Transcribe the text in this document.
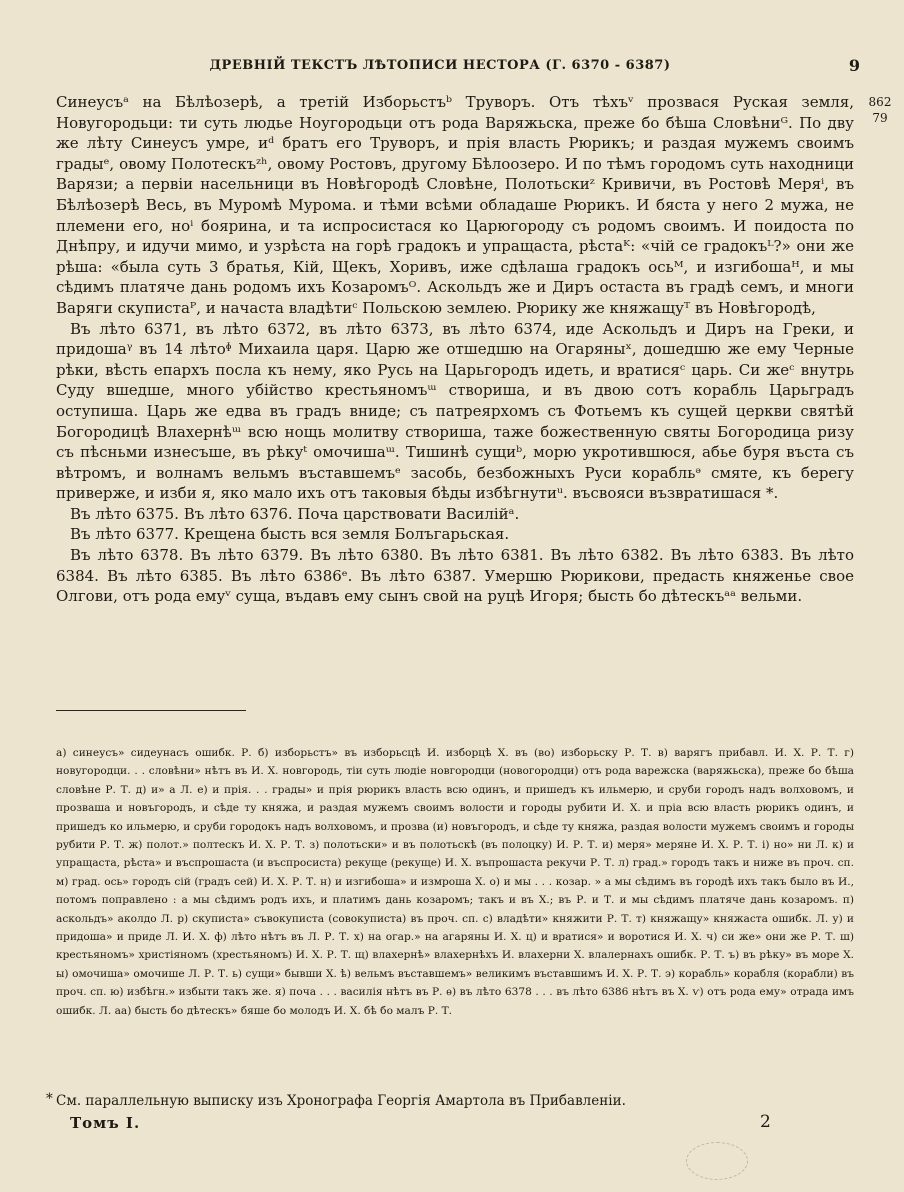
ДРЕВНІЙ ТЕКСТЪ ЛѢТОПИСИ НЕСТОРА (Г. 6370 - 6387)	9
862
79

Синеусъᵃ на Бѣлѣозерѣ, а третій Изборьстъᵇ Труворъ. Отъ тѣхъᵛ прозвася Руская земля, Новугородьци: ти суть людье Ноугородьци отъ рода Варяжьска, преже бо бѣша Словѣниᴳ. По дву же лѣту Синеусъ умре, иᵈ братъ его Труворъ, и прія власть Рюрикъ; и раздая мужемъ своимъ градыᵉ, овому Полотескъᶻʰ, овому Ростовъ, другому Бѣлоозеро. И по тѣмъ городомъ суть находници Варязи; а первіи насельници въ Новѣгородѣ Словѣне, Полотьскиᶻ Кривичи, въ Ростовѣ Меряⁱ, въ Бѣлѣозерѣ Весь, въ Муромѣ Мурома. и тѣми всѣми обладаше Рюрикъ. И бяста у него 2 мужа, не племени его, ноⁱ боярина, и та испросистася ко Царюгороду съ родомъ своимъ. И поидоста по Днѣпру, и идучи мимо, и узрѣста на горѣ градокъ и упращаста, рѣстаᴷ: «чій се градокъᴸ?» они же рѣша: «была суть 3 братья, Кій, Щекъ, Хоривъ, иже сдѣлаша градокъ осьᴹ, и изгибошаᴴ, и мы сѣдимъ платяче дань родомъ ихъ Козаромъᴼ. Аскольдъ же и Диръ остаста въ градѣ семъ, и многи Варяги скупистаᴾ, и начаста владѣтиᶜ Польскою землею. Рюрику же княжащуᵀ въ Новѣгородѣ,

Въ лѣто 6371, въ лѣто 6372, въ лѣто 6373, въ лѣто 6374, иде Аскольдъ и Диръ на Греки, и придошаᵞ въ 14 лѣтоᶲ Михаила царя. Царю же отшедшю на Огаряныˣ, дошедшю же ему Черные рѣки, вѣсть епархъ посла къ нему, яко Русь на Царьгородъ идеть, и вратисяᶜ царь. Си жеᶜ внутрь Суду вшедше, много убійство крестьяномъᵚ створиша, и въ двою сотъ корабль Царьградъ оступиша. Царь же едва въ градъ вниде; съ патреярхомъ съ Фотьемъ къ сущей церкви святѣй Богородицѣ Влахернѣᵚ всю нощь молитву створиша, таже божественную святы Богородица ризу съ пѣсньми изнесъше, въ рѣкуᵗ омочишаᵚ. Тишинѣ сущиᵇ, морю укротившюся, абье буря въста съ вѣтромъ, и волнамъ вельмъ въставшемъᵉ засобь, безбожныхъ Руси корабльᵊ смяте, къ берегу приверже, и изби я, яко мало ихъ отъ таковыя бѣды избѣгнутиᵘ. въсвояси възвратишася *.

Въ лѣто 6375. Въ лѣто 6376. Поча царствовати Василійᵃ.

Въ лѣто 6377. Крещена бысть вся земля Болъгарьская.

Въ лѣто 6378. Въ лѣто 6379. Въ лѣто 6380. Въ лѣто 6381. Въ лѣто 6382. Въ лѣто 6383. Въ лѣто 6384. Въ лѣто 6385. Въ лѣто 6386ᵉ. Въ лѣто 6387. Умершю Рюрикови, предасть княженье свое Олгови, отъ рода емуᵛ суща, въдавъ ему сынъ свой на руцѣ Игоря; бысть бо дѣтескъᵃᵃ вельми.

а) синеусъ» сидеунасъ ошибк. Р. б) изборьстъ» въ изборьсцѣ И. изборцѣ Х. въ (во) изборьску Р. Т. в) варягъ прибавл. И. Х. Р. Т. г) новугородци. . . словѣни» нѣтъ въ И. Х. новгородь, тіи суть людіе новгородци (новогородци) отъ рода варежска (варяжьска), преже бо бѣша словѣне Р. Т. д) и» а Л. е) и прія. . . грады» и прія рюрикъ власть всю одинъ, и пришедъ къ ильмерю, и сруби городъ надъ волховомъ, и прозваша и новъгородъ, и сѣде ту княжа, и раздая мужемъ своимъ волости и городы рубити И. Х. и пріа всю власть рюрикъ одинъ, и пришедъ ко ильмерю, и сруби городокъ надъ волховомъ, и прозва (и) новъгородъ, и сѣде ту княжа, раздая волости мужемъ своимъ и городы рубити Р. Т. ж) полот.» полтескъ И. Х. Р. Т. з) полотьски» и въ полотьскѣ (въ полоцку) И. Р. Т. и) меря» меряне И. Х. Р. Т. і) но» ни Л. к) и упращаста, рѣста» и въспрошаста (и въспросиста) рекуще (рекуще) И. Х. въпрошаста рекучи Р. Т. л) град.» городъ такъ и ниже въ проч. сп. м) град. ось» городъ сій (градъ сей) И. Х. Р. Т. н) и изгибоша» и измроша Х. о) и мы . . . козар. » а мы сѣдимъ въ городѣ ихъ такъ было въ И., потомъ поправлено : а мы сѣдимъ родъ ихъ, и платимъ дань козаромъ; такъ и въ Х.; въ Р. и Т. и мы сѣдимъ платяче дань козаромъ. п) аскольдъ» аколдо Л. р) скуписта» съвокуписта (совокуписта) въ проч. сп. с) владѣти» княжити Р. Т. т) княжащу» княжаста ошибк. Л. у) и придоша» и приде Л. И. Х. ф) лѣто нѣтъ въ Л. Р. Т. х) на огар.» на агаряны И. Х. ц) и вратися» и воротися И. Х. ч) си же» они же Р. Т. ш) крестьяномъ» христіяномъ (хрестьяномъ) И. Х. Р. Т. щ) влахернѣ» влахернѣхъ И. влахерни Х. влалернахъ ошибк. Р. Т. ъ) въ рѣку» въ море Х. ы) омочиша» омочише Л. Р. Т. ь) сущи» бывши Х. ѣ) вельмъ въставшемъ» великимъ въставшимъ И. Х. Р. Т. э) корабль» корабля (корабли) въ проч. сп. ю) избѣгн.» избыти такъ же. я) поча . . . василія нѣтъ въ Р. ѳ) въ лѣто 6378 . . . въ лѣто 6386 нѣтъ въ Х. ѵ) отъ рода ему» отрада имъ ошибк. Л. аа) бысть бо дѣтескъ» бяше бо молодъ И. Х. бѣ бо малъ Р. Т.
* См. параллельную выписку изъ Хронографа Георгія Амартола въ Прибавленіи.
Томъ I.	2
